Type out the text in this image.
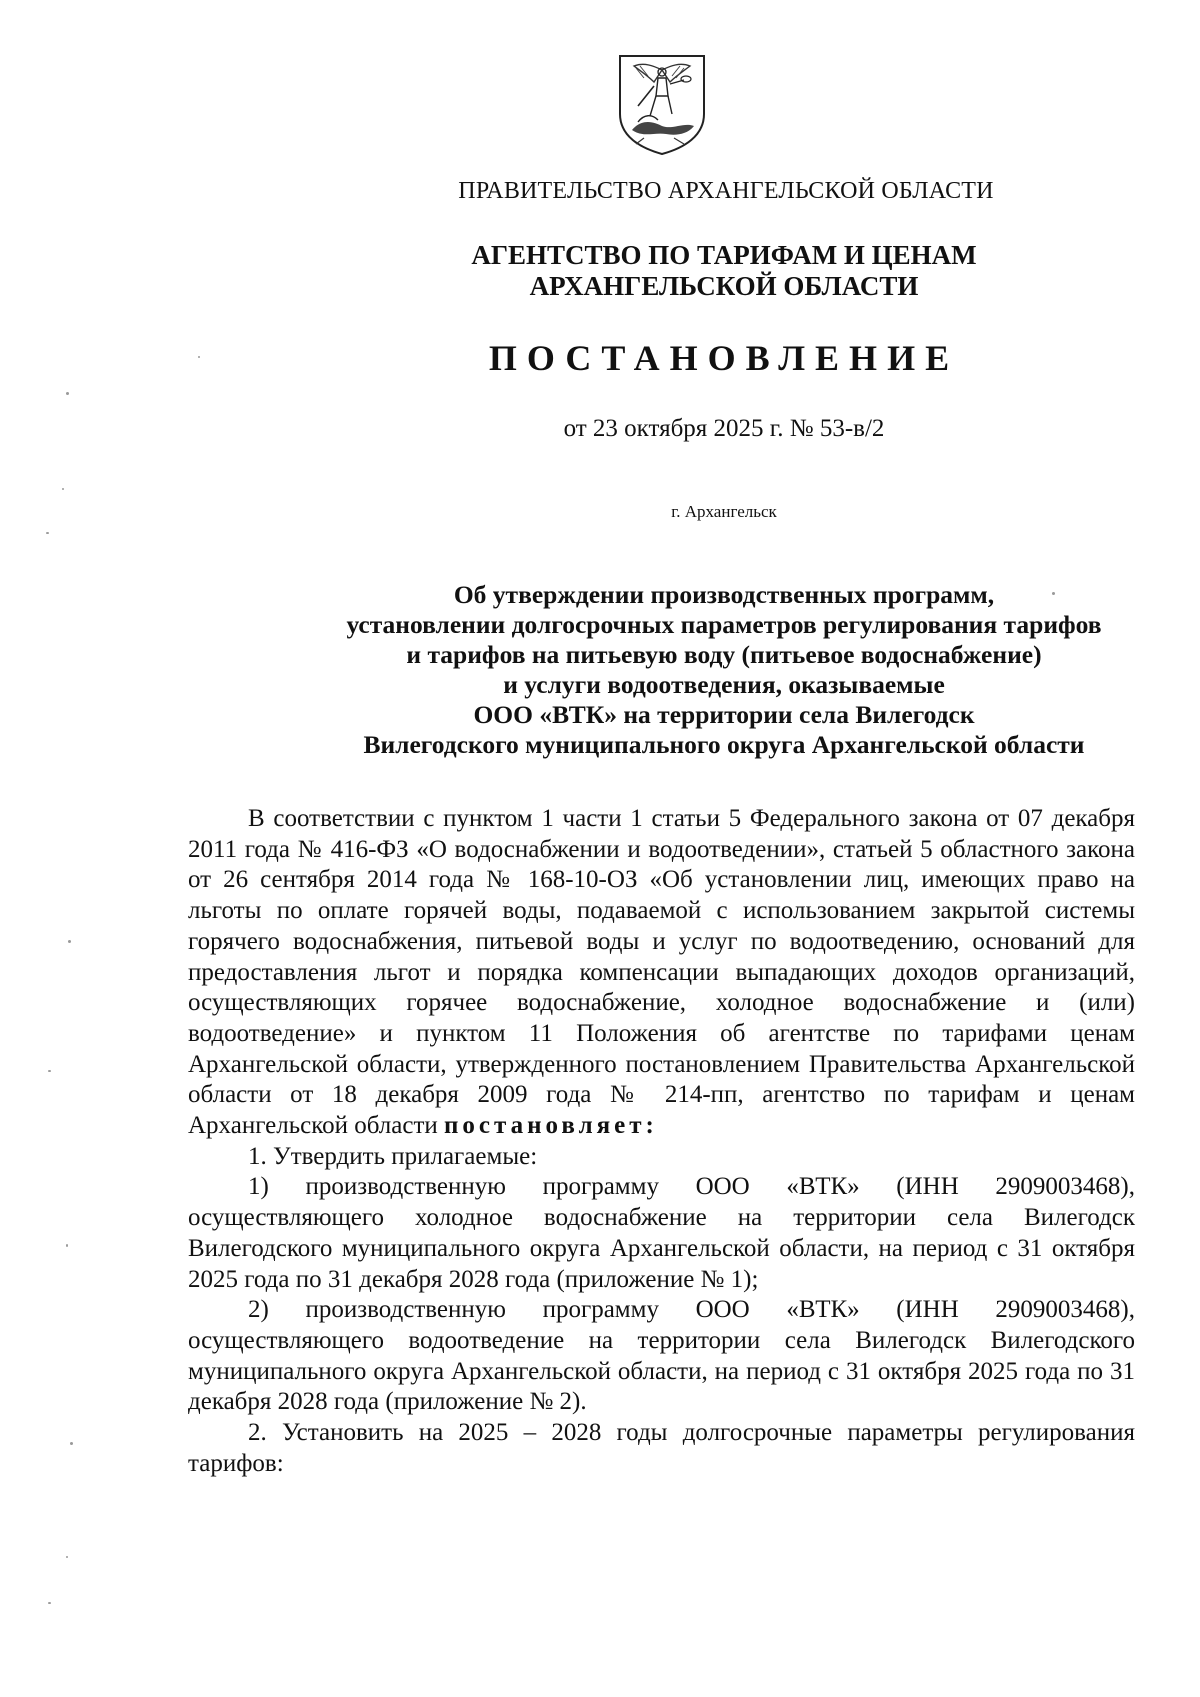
ПРАВИТЕЛЬСТВО АРХАНГЕЛЬСКОЙ ОБЛАСТИ
АГЕНТСТВО ПО ТАРИФАМ И ЦЕНАМ
АРХАНГЕЛЬСКОЙ ОБЛАСТИ
ПОСТАНОВЛЕНИЕ
от 23 октября 2025 г. № 53-в/2
г. Архангельск
Об утверждении производственных программ,
установлении долгосрочных параметров регулирования тарифов
и тарифов на питьевую воду (питьевое водоснабжение)
и услуги водоотведения, оказываемые
ООО «ВТК» на территории села Вилегодск
Вилегодского муниципального округа Архангельской области

В соответствии с пунктом 1 части 1 статьи 5 Федерального закона от 07 декабря 2011 года № 416-ФЗ «О водоснабжении и водоотведении», статьей 5 областного закона от 26 сентября 2014 года № 168-10-ОЗ «Об установлении лиц, имеющих право на льготы по оплате горячей воды, подаваемой с использованием закрытой системы горячего водоснабжения, питьевой воды и услуг по водоотведению, оснований для предоставления льгот и порядка компенсации выпадающих доходов организаций, осуществляющих горячее водоснабжение, холодное водоснабжение и (или) водоотведение» и пунктом 11 Положения об агентстве по тарифами ценам Архангельской области, утвержденного постановлением Правительства Архангельской области от 18 декабря 2009 года № 214-пп, агентство по тарифам и ценам Архангельской области постановляет:

1. Утвердить прилагаемые:

1) производственную программу ООО «ВТК» (ИНН 2909003468), осуществляющего холодное водоснабжение на территории села Вилегодск Вилегодского муниципального округа Архангельской области, на период с 31 октября 2025 года по 31 декабря 2028 года (приложение № 1);

2) производственную программу ООО «ВТК» (ИНН 2909003468), осуществляющего водоотведение на территории села Вилегодск Вилегодского муниципального округа Архангельской области, на период с 31 октября 2025 года по 31 декабря 2028 года (приложение № 2).

2. Установить на 2025 – 2028 годы долгосрочные параметры регулирования тарифов:
